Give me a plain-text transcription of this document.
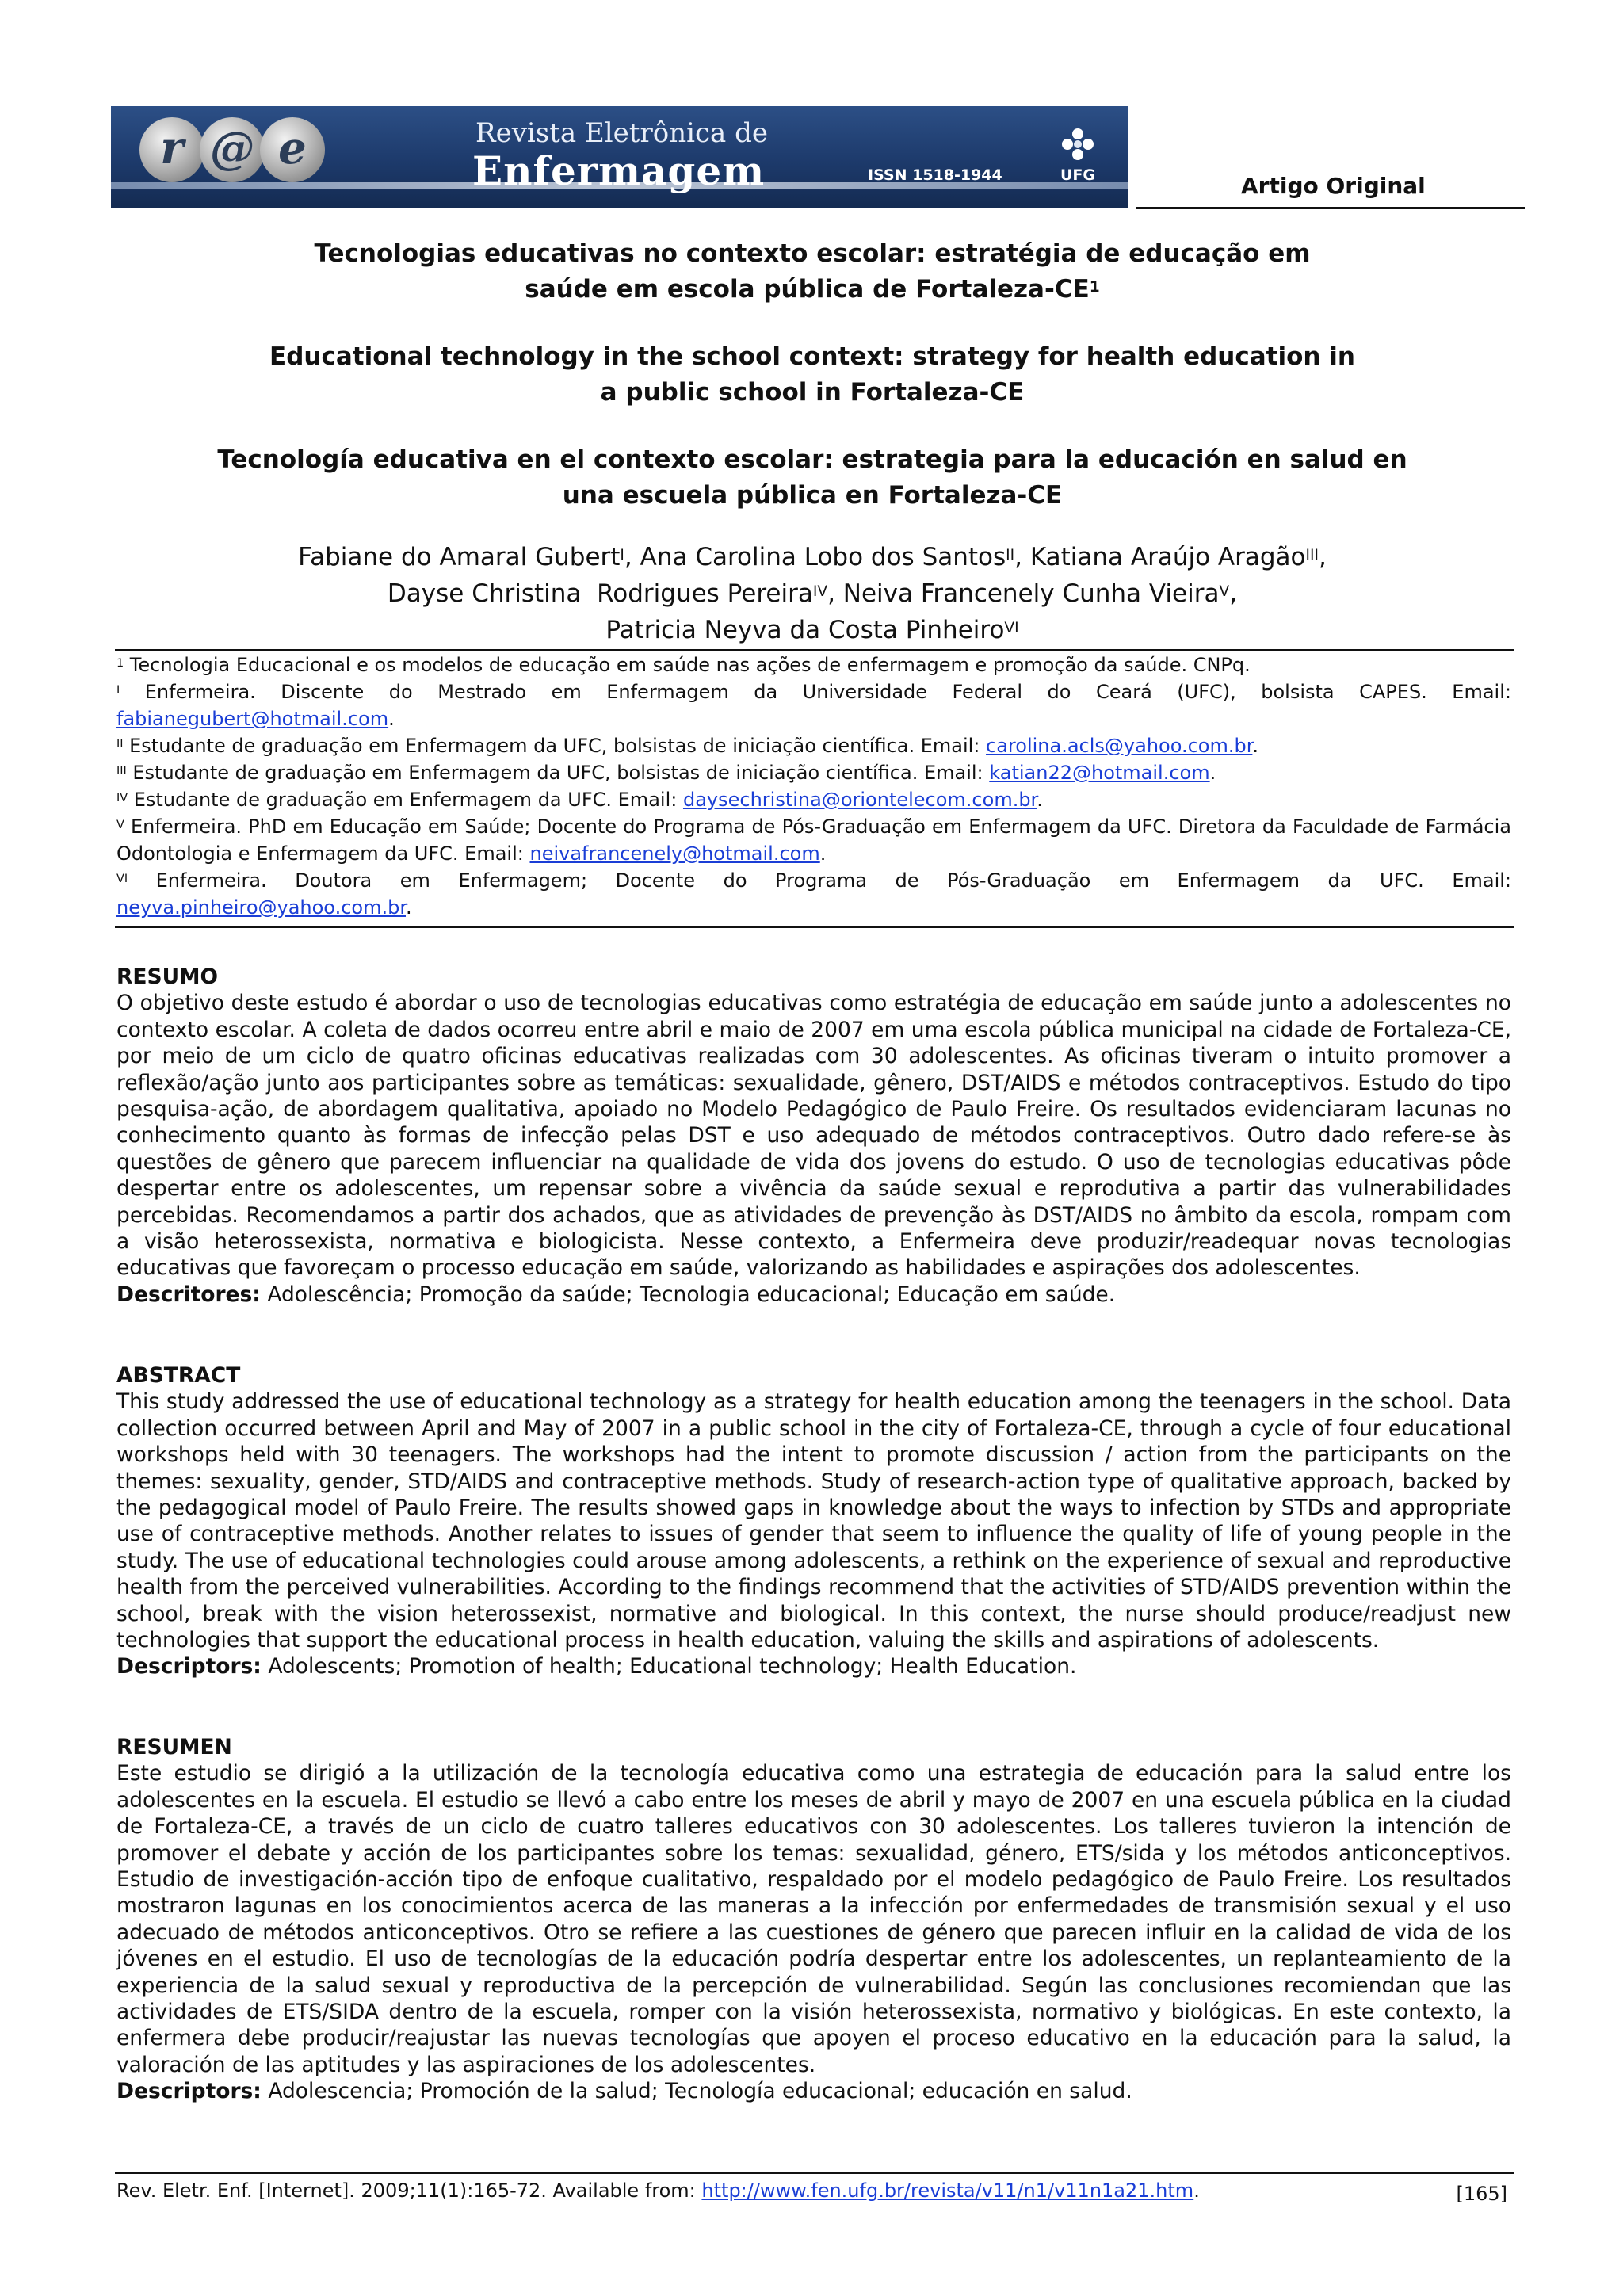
r @ e	Revista Eletrônica de
Enfermagem	ISSN 1518-1944	UFG	Artigo Original
Tecnologias educativas no contexto escolar: estratégia de educação em
saúde em escola pública de Fortaleza-$CE^1$
Educational technology in the school context: strategy for health education in
a public school in Fortaleza-CE
Tecnología educativa en el contexto escolar: estrategia para la educación en salud en
una escuela pública en Fortaleza-CE
Fabiane do Amaral Gubert$^I$, Ana Carolina Lobo dos Santos$^{II}$, Katiana Araújo Aragão$^{III}$,
Dayse Christina  Rodrigues Pereira$^{IV}$, Neiva Francenely Cunha Vieira$^V$,
Patricia Neyva da Costa Pinheiro$^{VI}$
$^1$ Tecnologia Educacional e os modelos de educação em saúde nas ações de enfermagem e promoção da saúde. CNPq.
$^I$ Enfermeira. Discente do Mestrado em Enfermagem da Universidade Federal do Ceará (UFC), bolsista CAPES. Email:
fabianegubert@hotmail.com.
$^{II}$ Estudante de graduação em Enfermagem da UFC, bolsistas de iniciação científica. Email: carolina.acls@yahoo.com.br.
$^{III}$ Estudante de graduação em Enfermagem da UFC, bolsistas de iniciação científica. Email: katian22@hotmail.com.
$^{IV}$ Estudante de graduação em Enfermagem da UFC. Email: daysechristina@oriontelecom.com.br.
$^V$ Enfermeira. PhD em Educação em Saúde; Docente do Programa de Pós-Graduação em Enfermagem da UFC. Diretora da Faculdade de Farmácia Odontologia e Enfermagem da UFC. Email: neivafrancenely@hotmail.com.
$^{VI}$ Enfermeira. Doutora em Enfermagem; Docente do Programa de Pós-Graduação em Enfermagem da UFC. Email:
neyva.pinheiro@yahoo.com.br.
RESUMO

O objetivo deste estudo é abordar o uso de tecnologias educativas como estratégia de educação em saúde junto a adolescentes no contexto escolar. A coleta de dados ocorreu entre abril e maio de 2007 em uma escola pública municipal na cidade de Fortaleza-CE, por meio de um ciclo de quatro oficinas educativas realizadas com 30 adolescentes. As oficinas tiveram o intuito promover a reflexão/ação junto aos participantes sobre as temáticas: sexualidade, gênero, DST/AIDS e métodos contraceptivos. Estudo do tipo pesquisa-ação, de abordagem qualitativa, apoiado no Modelo Pedagógico de Paulo Freire. Os resultados evidenciaram lacunas no conhecimento quanto às formas de infecção pelas DST e uso adequado de métodos contraceptivos. Outro dado refere-se às questões de gênero que parecem influenciar na qualidade de vida dos jovens do estudo. O uso de tecnologias educativas pôde despertar entre os adolescentes, um repensar sobre a vivência da saúde sexual e reprodutiva a partir das vulnerabilidades percebidas. Recomendamos a partir dos achados, que as atividades de prevenção às DST/AIDS no âmbito da escola, rompam com a visão heterossexista, normativa e biologicista. Nesse contexto, a Enfermeira deve produzir/readequar novas tecnologias educativas que favoreçam o processo educação em saúde, valorizando as habilidades e aspirações dos adolescentes.

Descritores: Adolescência; Promoção da saúde; Tecnologia educacional; Educação em saúde.

ABSTRACT

This study addressed the use of educational technology as a strategy for health education among the teenagers in the school. Data collection occurred between April and May of 2007 in a public school in the city of Fortaleza-CE, through a cycle of four educational workshops held with 30 teenagers. The workshops had the intent to promote discussion / action from the participants on the themes: sexuality, gender, STD/AIDS and contraceptive methods. Study of research-action type of qualitative approach, backed by the pedagogical model of Paulo Freire. The results showed gaps in knowledge about the ways to infection by STDs and appropriate use of contraceptive methods. Another relates to issues of gender that seem to influence the quality of life of young people in the study. The use of educational technologies could arouse among adolescents, a rethink on the experience of sexual and reproductive health from the perceived vulnerabilities. According to the findings recommend that the activities of STD/AIDS prevention within the school, break with the vision heterossexist, normative and biological. In this context, the nurse should produce/readjust new technologies that support the educational process in health education, valuing the skills and aspirations of adolescents.

Descriptors: Adolescents; Promotion of health; Educational technology; Health Education.

RESUMEN

Este estudio se dirigió a la utilización de la tecnología educativa como una estrategia de educación para la salud entre los adolescentes en la escuela. El estudio se llevó a cabo entre los meses de abril y mayo de 2007 en una escuela pública en la ciudad de Fortaleza-CE, a través de un ciclo de cuatro talleres educativos con 30 adolescentes. Los talleres tuvieron la intención de promover el debate y acción de los participantes sobre los temas: sexualidad, género, ETS/sida y los métodos anticonceptivos. Estudio de investigación-acción tipo de enfoque cualitativo, respaldado por el modelo pedagógico de Paulo Freire. Los resultados mostraron lagunas en los conocimientos acerca de las maneras a la infección por enfermedades de transmisión sexual y el uso adecuado de métodos anticonceptivos. Otro se refiere a las cuestiones de género que parecen influir en la calidad de vida de los jóvenes en el estudio. El uso de tecnologías de la educación podría despertar entre los adolescentes, un replanteamiento de la experiencia de la salud sexual y reproductiva de la percepción de vulnerabilidad. Según las conclusiones recomiendan que las actividades de ETS/SIDA dentro de la escuela, romper con la visión heterossexista, normativo y biológicas. En este contexto, la enfermera debe producir/reajustar las nuevas tecnologías que apoyen el proceso educativo en la educación para la salud, la valoración de las aptitudes y las aspiraciones de los adolescentes.

Descriptors: Adolescencia; Promoción de la salud; Tecnología educacional; educación en salud.

Rev. Eletr. Enf. [Internet]. 2009;11(1):165-72. Available from: http://www.fen.ufg.br/revista/v11/n1/v11n1a21.htm.	[165]
